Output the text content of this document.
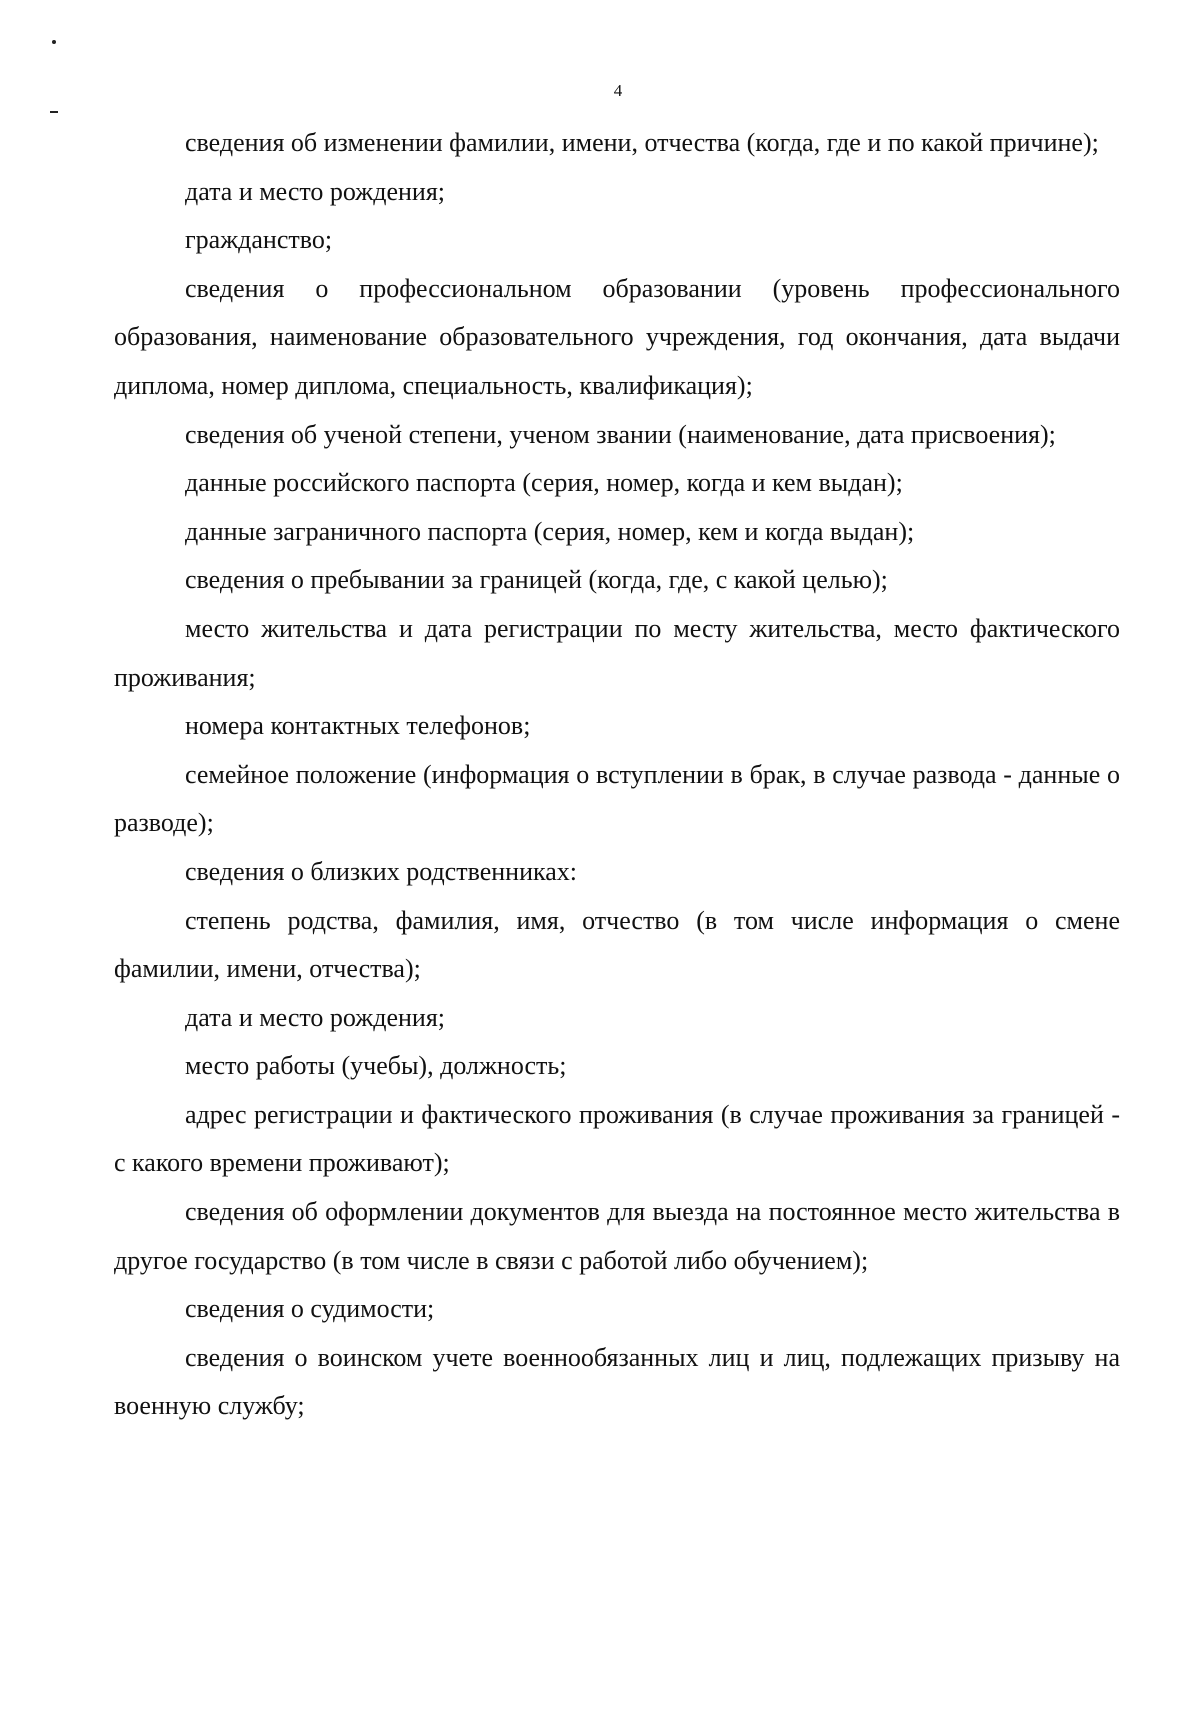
4

сведения об изменении фамилии, имени, отчества (когда, где и по какой причине);

дата и место рождения;

гражданство;

сведения о профессиональном образовании (уровень профессионального образования, наименование образовательного учреждения, год окончания, дата выдачи диплома, номер диплома, специальность, квалификация);

сведения об ученой степени, ученом звании (наименование, дата присвоения);

данные российского паспорта (серия, номер, когда и кем выдан);

данные заграничного паспорта (серия, номер, кем и когда выдан);

сведения о пребывании за границей (когда, где, с какой целью);

место жительства и дата регистрации по месту жительства, место фактического проживания;

номера контактных телефонов;

семейное положение (информация о вступлении в брак, в случае развода - данные о разводе);

сведения о близких родственниках:

степень родства, фамилия, имя, отчество (в том числе информация о смене фамилии, имени, отчества);

дата и место рождения;

место работы (учебы), должность;

адрес регистрации и фактического проживания (в случае проживания за границей - с какого времени проживают);

сведения об оформлении документов для выезда на постоянное место жительства в другое государство (в том числе в связи с работой либо обучением);

сведения о судимости;

сведения о воинском учете военнообязанных лиц и лиц, подлежащих призыву на военную службу;
